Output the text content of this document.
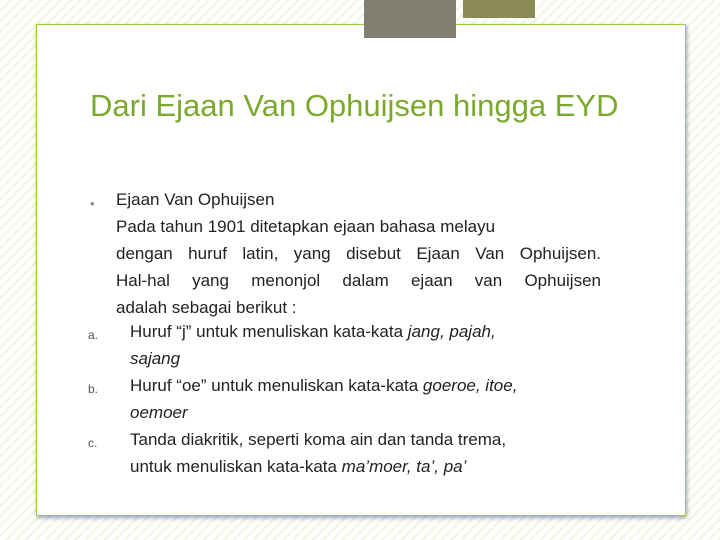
Dari Ejaan Van Ophuijsen hingga EYD
• Ejaan Van Ophuijsen
Pada tahun 1901 ditetapkan ejaan bahasa melayu
dengan huruf latin, yang disebut Ejaan Van Ophuijsen.
Hal-hal yang menonjol dalam ejaan van Ophuijsen
adalah sebagai berikut :
a. Huruf “j” untuk menuliskan kata-kata jang, pajah,
sajang
b. Huruf “oe” untuk menuliskan kata-kata goeroe, itoe,
oemoer
c. Tanda diakritik, seperti koma ain dan tanda trema,
untuk menuliskan kata-kata ma’moer, ta’, pa’
